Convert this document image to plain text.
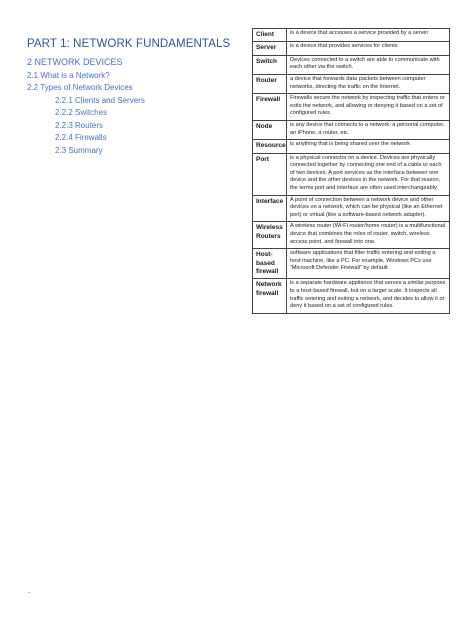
PART 1: NETWORK FUNDAMENTALS
2 NETWORK DEVICES
2.1 What is a Network?
2.2 Types of Network Devices
2.2.1 Clients and Servers
2.2.2 Switches
2.2.3 Routers
2.2.4 Firewalls
2.3 Summary
Client	is a device that accesses a service provided by a server
Server	is a device that provides services for clients
Switch	Devices connected to a switch are able to communicate with each other via the switch.
Router	a device that forwards data packets between computer networks, directing the traffic on the Internet.
Firewall	Firewalls secure the network by inspecting traffic that enters or exits the network, and allowing or denying it based on a set of configured rules.
Node	is any device that connects to a network: a personal computer, an iPhone, a router, etc.
Resource	is anything that is being shared over the network
Port	is a physical connector on a device. Devices are physically connected together by connecting one end of a cable to each of two devices. A port services as the interface between one device and the other devices in the network. For that reason, the terms port and interface are often used interchangeably.
Interface	A point of connection between a network device and other devices on a network, which can be physical (like an Ethernet port) or virtual (like a software-based network adapter).
Wireless Routers	A wireless router (Wi-Fi router/home router) is a multifunctional device that combines the roles of router, switch, wireless access point, and firewall into one.
Host-based firewall	software applications that filter traffic entering and exiting a host machine, like a PC. For example, Windows PCs use “Microsoft Defender Firewall” by default
Network firewall	is a separate hardware appliance that serves a similar purpose to a host-based firewall, but on a larger scale. It inspects all traffic entering and exiting a network, and decides to allow it or deny it based on a set of configured rules.
-
